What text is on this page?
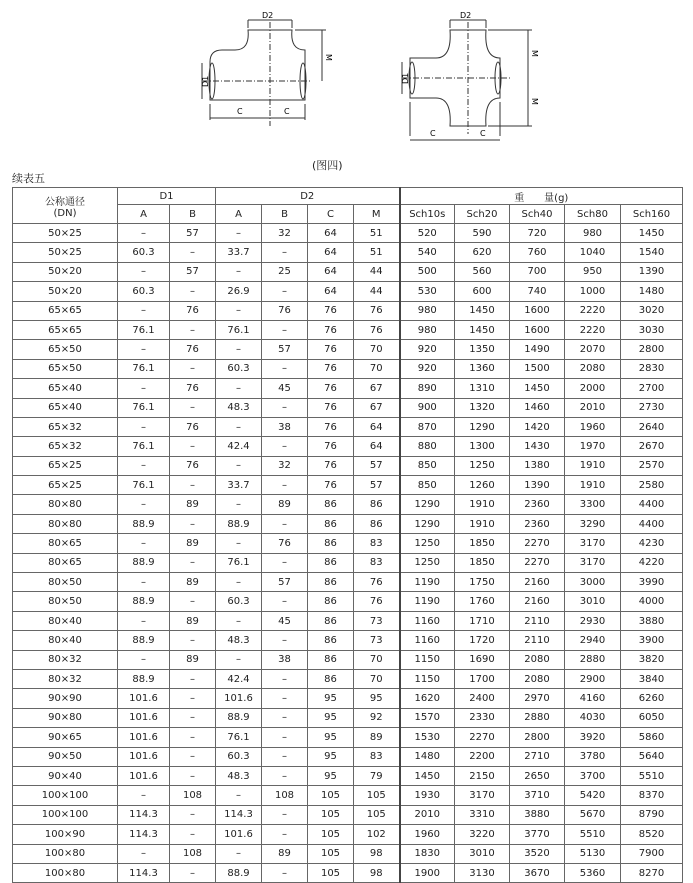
D2
D1
M
C	C
D2
D1
M
M
C	C
(图四)
续表五
公称通径
(DN)	D1		D2				重　　量(g)				
	A	B	A	B	C	M	Sch10s	Sch20	Sch40	Sch80	Sch160
50×25	–	57	–	32	64	51	520	590	720	980	1450
50×25	60.3	–	33.7	–	64	51	540	620	760	1040	1540
50×20	–	57	–	25	64	44	500	560	700	950	1390
50×20	60.3	–	26.9	–	64	44	530	600	740	1000	1480
65×65	–	76	–	76	76	76	980	1450	1600	2220	3020
65×65	76.1	–	76.1	–	76	76	980	1450	1600	2220	3030
65×50	–	76	–	57	76	70	920	1350	1490	2070	2800
65×50	76.1	–	60.3	–	76	70	920	1360	1500	2080	2830
65×40	–	76	–	45	76	67	890	1310	1450	2000	2700
65×40	76.1	–	48.3	–	76	67	900	1320	1460	2010	2730
65×32	–	76	–	38	76	64	870	1290	1420	1960	2640
65×32	76.1	–	42.4	–	76	64	880	1300	1430	1970	2670
65×25	–	76	–	32	76	57	850	1250	1380	1910	2570
65×25	76.1	–	33.7	–	76	57	850	1260	1390	1910	2580
80×80	–	89	–	89	86	86	1290	1910	2360	3300	4400
80×80	88.9	–	88.9	–	86	86	1290	1910	2360	3290	4400
80×65	–	89	–	76	86	83	1250	1850	2270	3170	4230
80×65	88.9	–	76.1	–	86	83	1250	1850	2270	3170	4220
80×50	–	89	–	57	86	76	1190	1750	2160	3000	3990
80×50	88.9	–	60.3	–	86	76	1190	1760	2160	3010	4000
80×40	–	89	–	45	86	73	1160	1710	2110	2930	3880
80×40	88.9	–	48.3	–	86	73	1160	1720	2110	2940	3900
80×32	–	89	–	38	86	70	1150	1690	2080	2880	3820
80×32	88.9	–	42.4	–	86	70	1150	1700	2080	2900	3840
90×90	101.6	–	101.6	–	95	95	1620	2400	2970	4160	6260
90×80	101.6	–	88.9	–	95	92	1570	2330	2880	4030	6050
90×65	101.6	–	76.1	–	95	89	1530	2270	2800	3920	5860
90×50	101.6	–	60.3	–	95	83	1480	2200	2710	3780	5640
90×40	101.6	–	48.3	–	95	79	1450	2150	2650	3700	5510
100×100	–	108	–	108	105	105	1930	3170	3710	5420	8370
100×100	114.3	–	114.3	–	105	105	2010	3310	3880	5670	8790
100×90	114.3	–	101.6	–	105	102	1960	3220	3770	5510	8520
100×80	–	108	–	89	105	98	1830	3010	3520	5130	7900
100×80	114.3	–	88.9	–	105	98	1900	3130	3670	5360	8270
